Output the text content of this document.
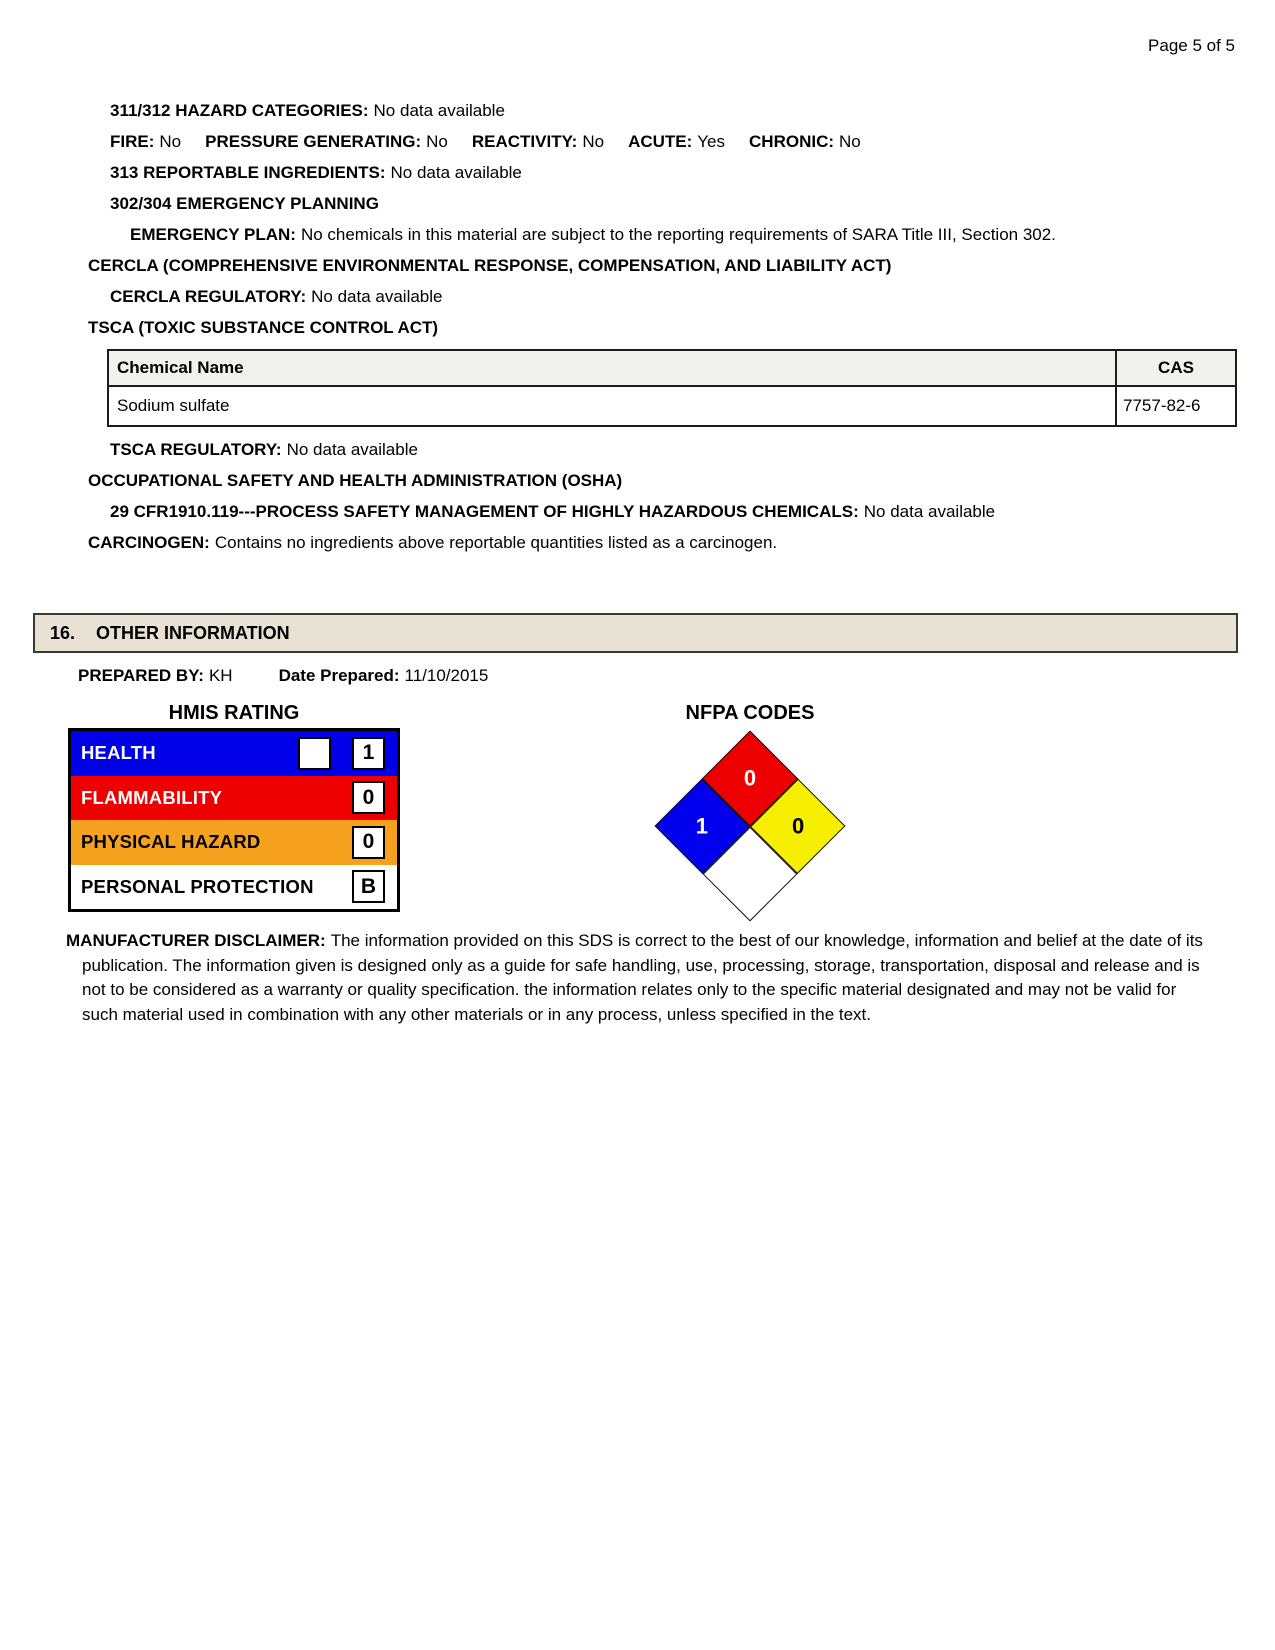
Page 5 of 5
311/312 HAZARD CATEGORIES: No data available
FIRE: No PRESSURE GENERATING: No REACTIVITY: No ACUTE: Yes CHRONIC: No
313 REPORTABLE INGREDIENTS: No data available
302/304 EMERGENCY PLANNING
EMERGENCY PLAN: No chemicals in this material are subject to the reporting requirements of SARA Title III, Section 302.
CERCLA (COMPREHENSIVE ENVIRONMENTAL RESPONSE, COMPENSATION, AND LIABILITY ACT)
CERCLA REGULATORY: No data available
TSCA (TOXIC SUBSTANCE CONTROL ACT)
Chemical Name	CAS
Sodium sulfate	7757-82-6
TSCA REGULATORY: No data available
OCCUPATIONAL SAFETY AND HEALTH ADMINISTRATION (OSHA)
29 CFR1910.119---PROCESS SAFETY MANAGEMENT OF HIGHLY HAZARDOUS CHEMICALS: No data available
CARCINOGEN: Contains no ingredients above reportable quantities listed as a carcinogen.
16. OTHER INFORMATION
PREPARED BY: KH	Date Prepared: 11/10/2015
HMIS RATING
HEALTH	1
FLAMMABILITY	0
PHYSICAL HAZARD	0
PERSONAL PROTECTION	B
NFPA CODES
0
0
1
MANUFACTURER DISCLAIMER: The information provided on this SDS is correct to the best of our knowledge, information and belief at the date of its publication. The information given is designed only as a guide for safe handling, use, processing, storage, transportation, disposal and release and is not to be considered as a warranty or quality specification. the information relates only to the specific material designated and may not be valid for such material used in combination with any other materials or in any process, unless specified in the text.
